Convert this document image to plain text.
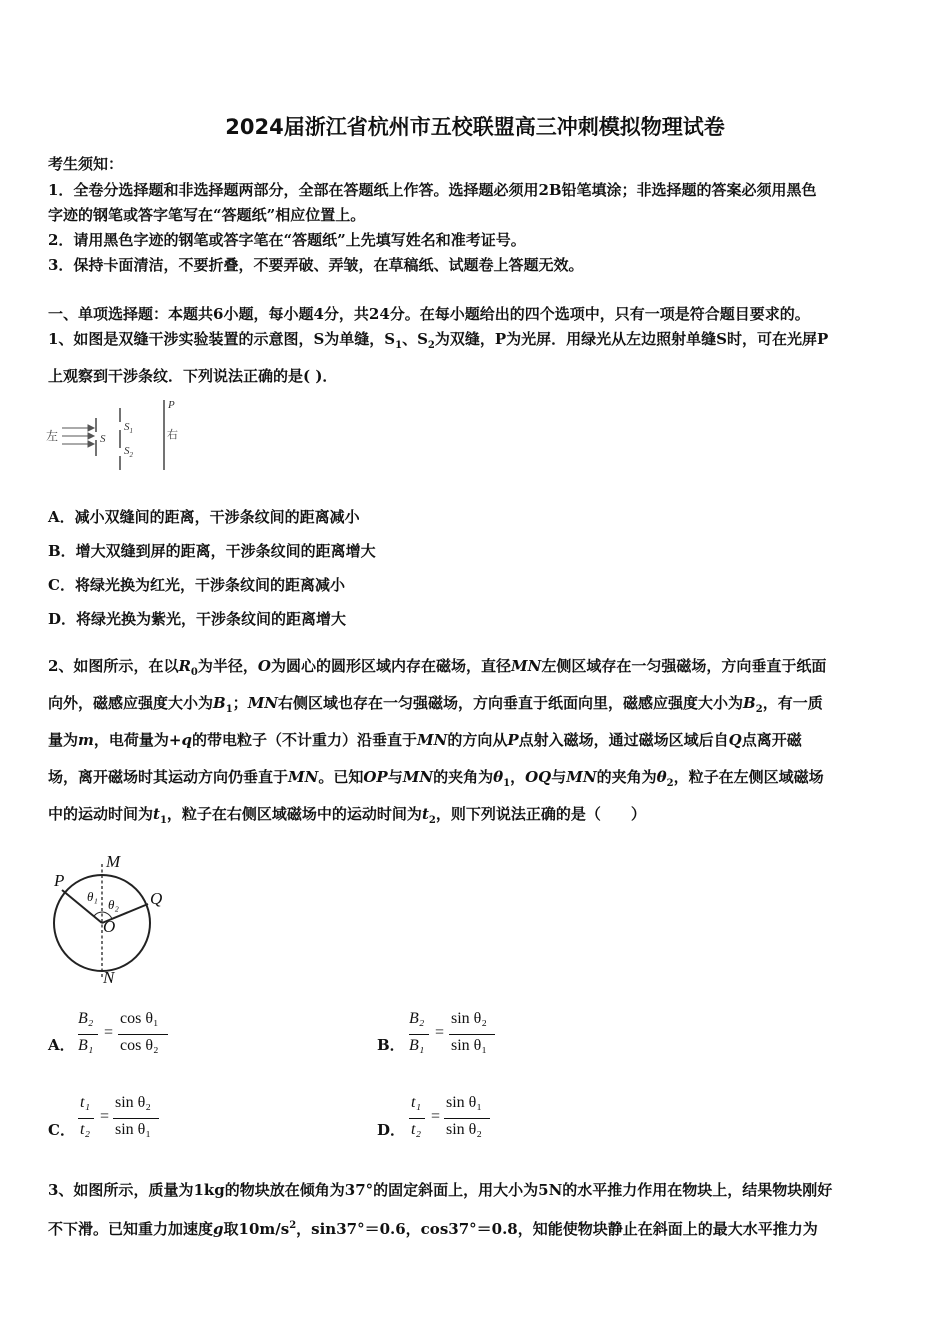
2024届浙江省杭州市五校联盟高三冲刺模拟物理试卷
考生须知：
1．全卷分选择题和非选择题两部分，全部在答题纸上作答。选择题必须用2B铅笔填涂；非选择题的答案必须用黑色
字迹的钢笔或答字笔写在“答题纸”相应位置上。
2．请用黑色字迹的钢笔或答字笔在“答题纸”上先填写姓名和准考证号。
3．保持卡面清洁，不要折叠，不要弄破、弄皱，在草稿纸、试题卷上答题无效。
一、单项选择题：本题共6小题，每小题4分，共24分。在每小题给出的四个选项中，只有一项是符合题目要求的。
1、如图是双缝干涉实验装置的示意图，S为单缝，$S_1$、$S_2$为双缝，P为光屏．用绿光从左边照射单缝S时，可在光屏P
上观察到干涉条纹．下列说法正确的是( )．
左	S
$S_1$
$S_2$
P
右
A．减小双缝间的距离，干涉条纹间的距离减小
B．增大双缝到屏的距离，干涉条纹间的距离增大
C．将绿光换为红光，干涉条纹间的距离减小
D．将绿光换为紫光，干涉条纹间的距离增大
2、如图所示，在以$R_0$为半径，O为圆心的圆形区域内存在磁场，直径MN左侧区域存在一匀强磁场，方向垂直于纸面
向外，磁感应强度大小为$B_1$；MN右侧区域也存在一匀强磁场，方向垂直于纸面向里，磁感应强度大小为$B_2$，有一质
量为m，电荷量为+q的带电粒子（不计重力）沿垂直于MN的方向从P点射入磁场，通过磁场区域后自Q点离开磁
场，离开磁场时其运动方向仍垂直于MN。已知OP与MN的夹角为$\theta_1$，OQ与MN的夹角为$\theta_2$，粒子在左侧区域磁场
中的运动时间为$t_1$，粒子在右侧区域磁场中的运动时间为$t_2$，则下列说法正确的是（　　）
M
P
Q
O
N
θ₁
θ₂
A．
B₂
B₁
=
cos θ₁
cos θ₂	B．
B₂
B₁
=
sin θ₂
sin θ₁
C．
t₁
t₂
=
sin θ₂
sin θ₁	D．
t₁
t₂
=
sin θ₁
sin θ₂
3、如图所示，质量为1kg的物块放在倾角为37°的固定斜面上，用大小为5N的水平推力作用在物块上，结果物块刚好
不下滑。已知重力加速度g取$10m/s^2$，sin37°＝0.6，cos37°＝0.8，知能使物块静止在斜面上的最大水平推力为
